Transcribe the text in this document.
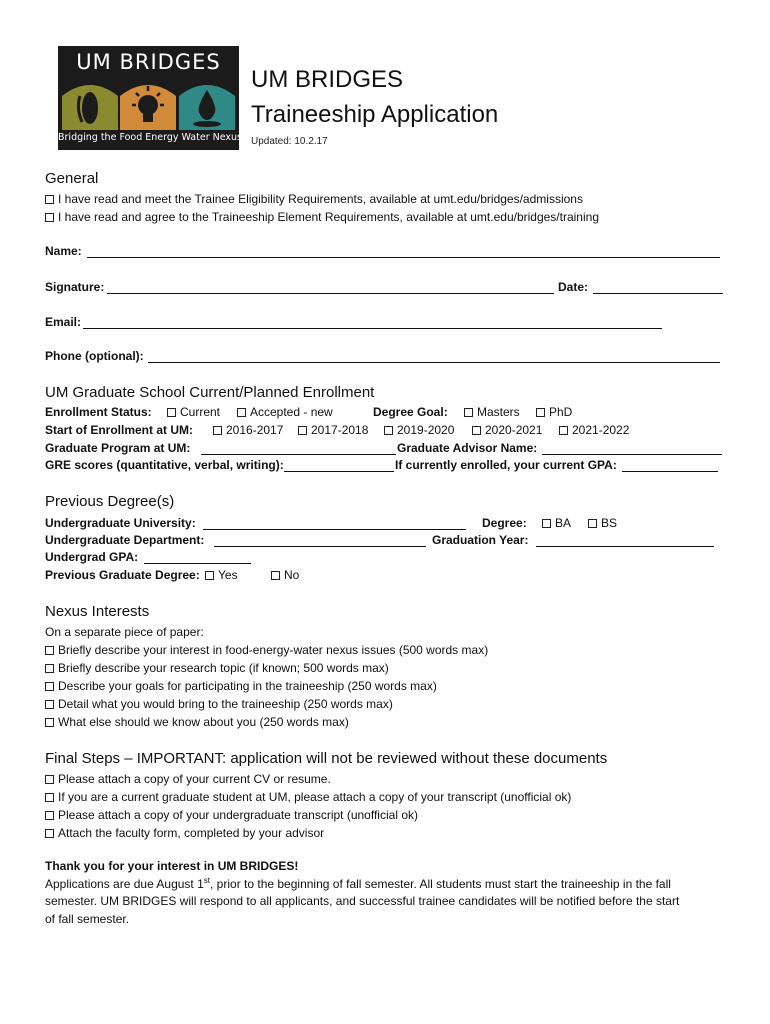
UM BRIDGES
Bridging the Food Energy Water Nexus
UM BRIDGES
Traineeship Application
Updated: 10.2.17
General
I have read and meet the Trainee Eligibility Requirements, available at umt.edu/bridges/admissions
I have read and agree to the Traineeship Element Requirements, available at umt.edu/bridges/training
Name:
Signature:	Date:
Email:
Phone (optional):
UM Graduate School Current/Planned Enrollment
Enrollment Status:	Current	Accepted - new	Degree Goal:	Masters	PhD
Start of Enrollment at UM:	2016-2017	2017-2018	2019-2020	2020-2021	2021-2022
Graduate Program at UM:	Graduate Advisor Name:
GRE scores (quantitative, verbal, writing):	If currently enrolled, your current GPA:
Previous Degree(s)
Undergraduate University:	Degree:	BA	BS
Undergraduate Department:	Graduation Year:
Undergrad GPA:
Previous Graduate Degree:	Yes	No
Nexus Interests
On a separate piece of paper:
Briefly describe your interest in food-energy-water nexus issues (500 words max)
Briefly describe your research topic (if known; 500 words max)
Describe your goals for participating in the traineeship (250 words max)
Detail what you would bring to the traineeship (250 words max)
What else should we know about you (250 words max)
Final Steps – IMPORTANT: application will not be reviewed without these documents
Please attach a copy of your current CV or resume.
If you are a current graduate student at UM, please attach a copy of your transcript (unofficial ok)
Please attach a copy of your undergraduate transcript (unofficial ok)
Attach the faculty form, completed by your advisor
Thank you for your interest in UM BRIDGES!
Applications are due August 1st, prior to the beginning of fall semester. All students must start the traineeship in the fall
semester. UM BRIDGES will respond to all applicants, and successful trainee candidates will be notified before the start
of fall semester.
